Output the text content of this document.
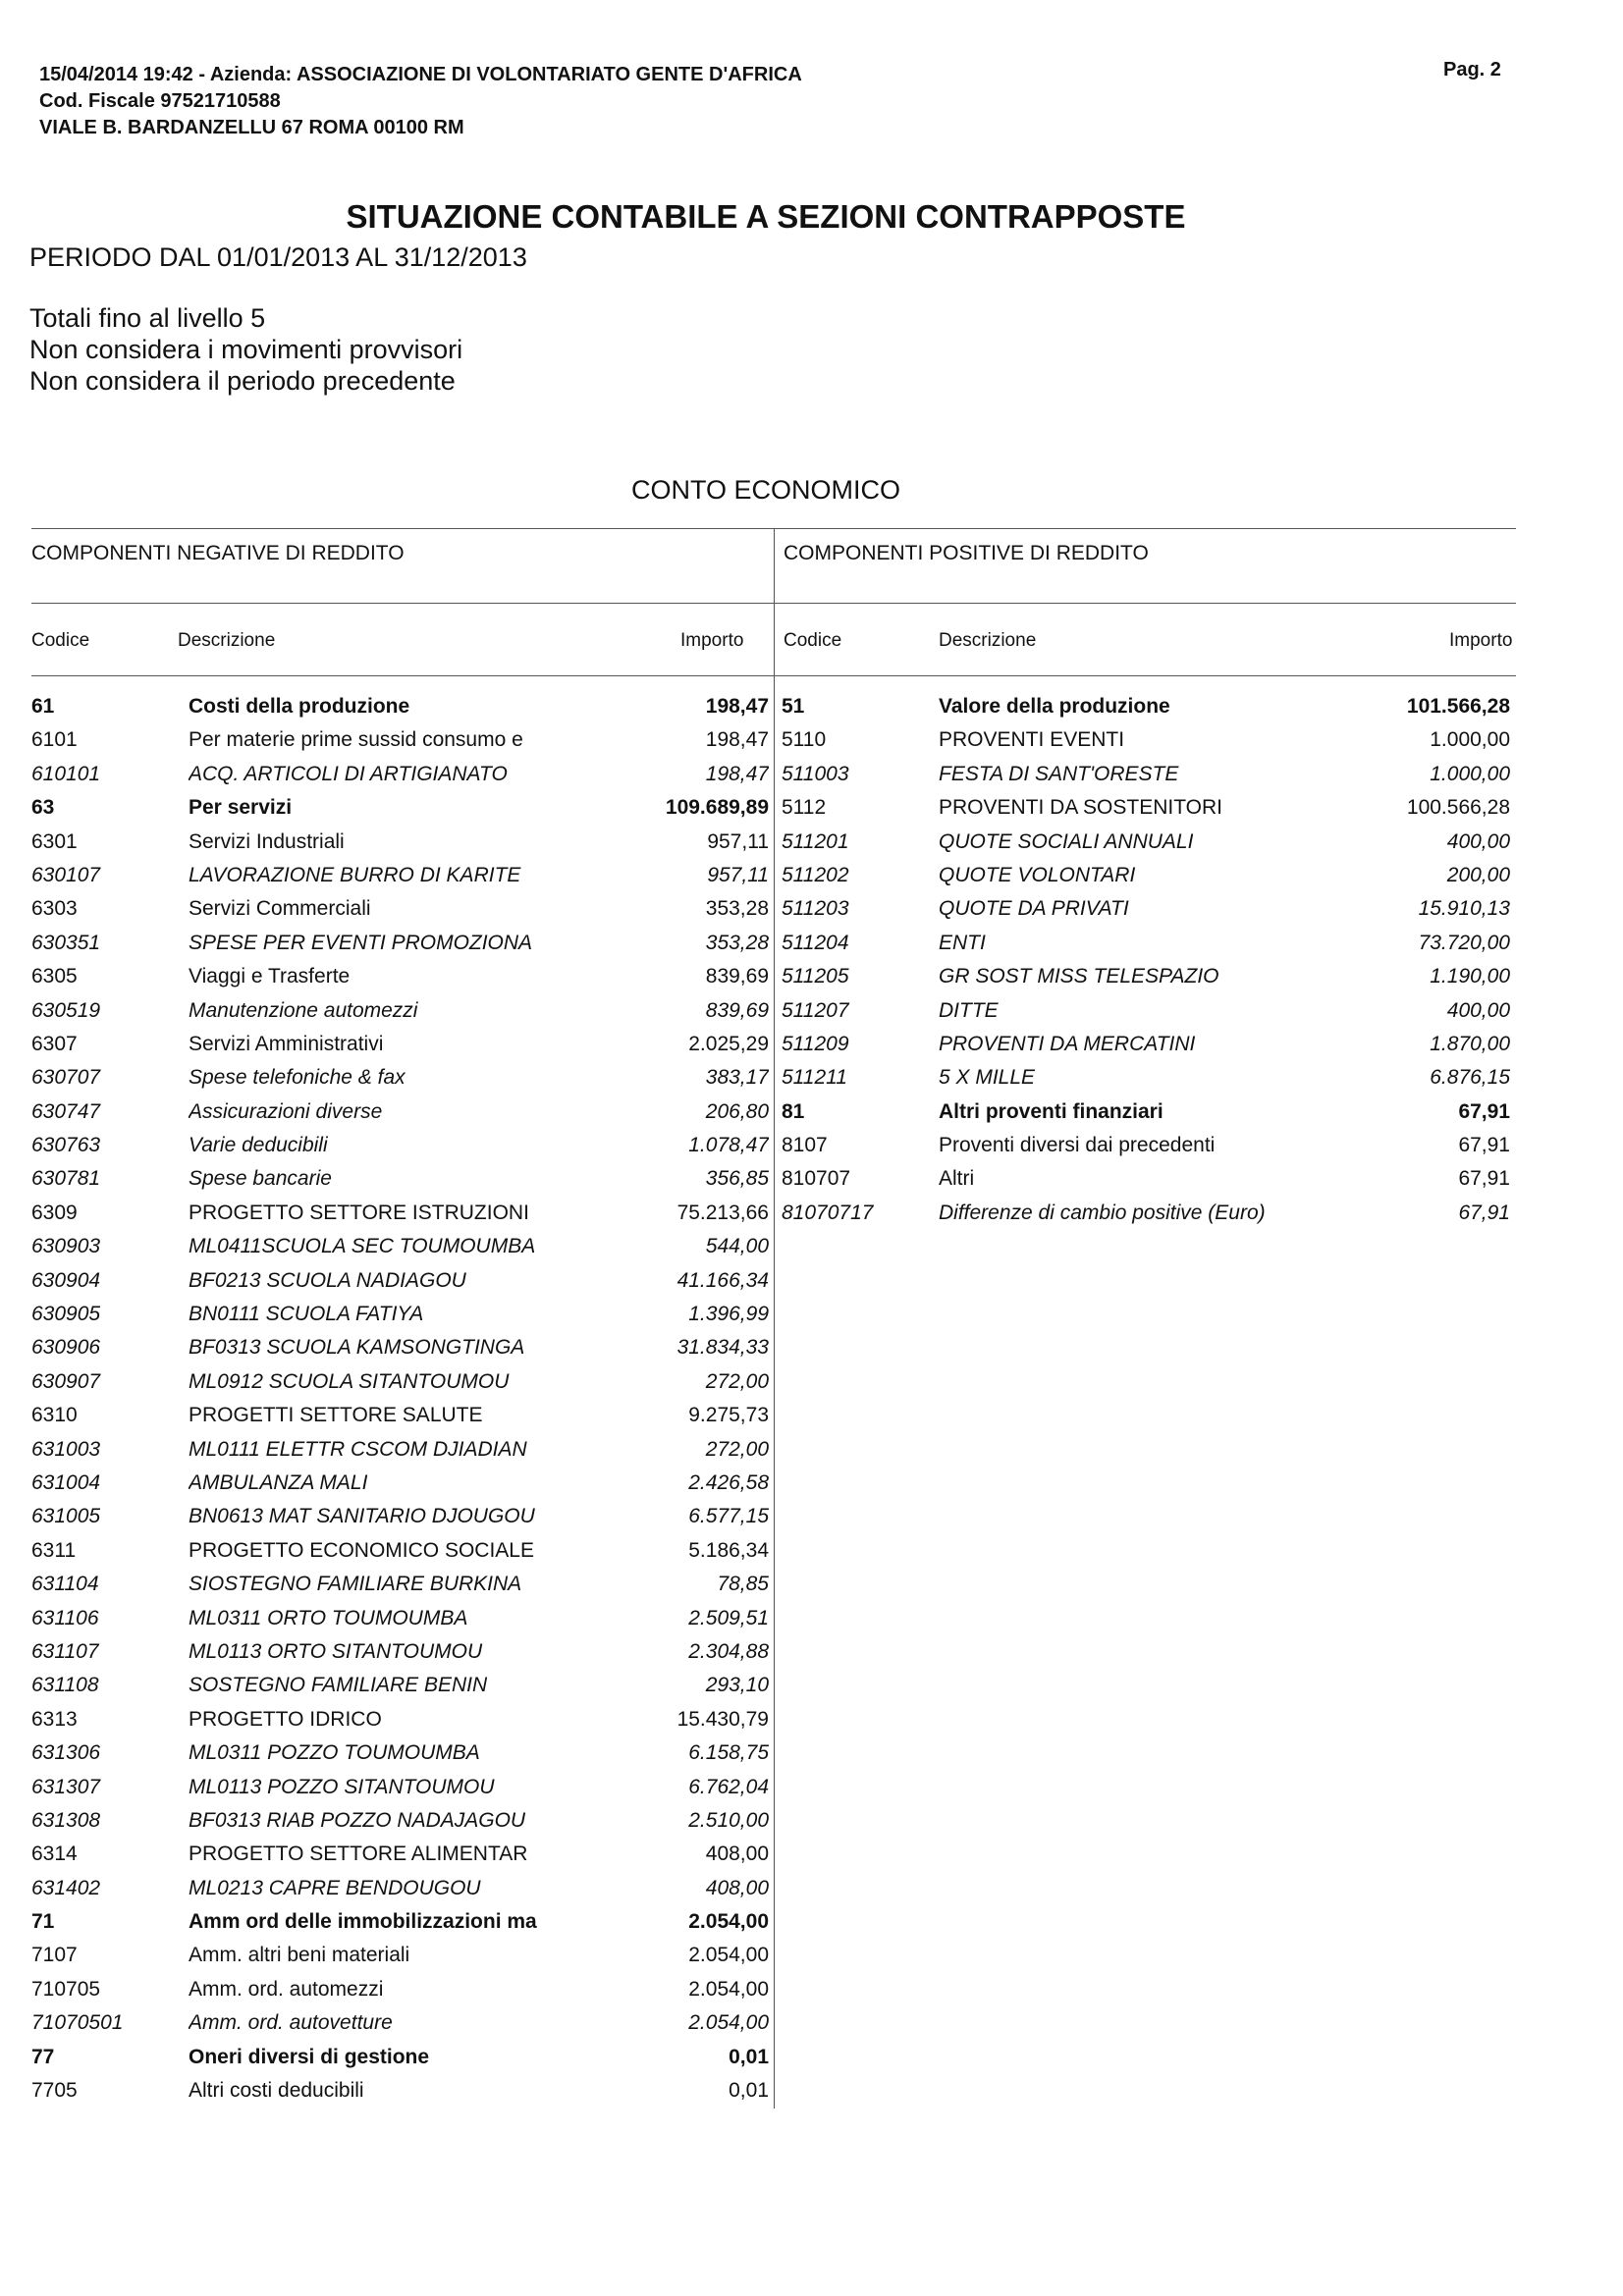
15/04/2014 19:42 - Azienda: ASSOCIAZIONE DI VOLONTARIATO GENTE D'AFRICA
Cod. Fiscale 97521710588
VIALE B. BARDANZELLU 67 ROMA 00100 RM
Pag. 2
SITUAZIONE CONTABILE A SEZIONI CONTRAPPOSTE
PERIODO DAL 01/01/2013 AL 31/12/2013
Totali fino al livello 5
Non considera i movimenti provvisori
Non considera il periodo precedente
CONTO ECONOMICO
COMPONENTI NEGATIVE DI REDDITO	COMPONENTI POSITIVE DI REDDITO
Codice	Descrizione	Importo Codice	Descrizione	Importo
61	Costi della produzione	198,47
6101	Per materie prime sussid consumo e	198,47
610101	ACQ. ARTICOLI DI ARTIGIANATO	198,47
63	Per servizi	109.689,89
6301	Servizi Industriali	957,11
630107	LAVORAZIONE BURRO DI KARITE	957,11
6303	Servizi Commerciali	353,28
630351	SPESE PER EVENTI PROMOZIONA	353,28
6305	Viaggi e Trasferte	839,69
630519	Manutenzione automezzi	839,69
6307	Servizi Amministrativi	2.025,29
630707	Spese telefoniche & fax	383,17
630747	Assicurazioni diverse	206,80
630763	Varie deducibili	1.078,47
630781	Spese bancarie	356,85
6309	PROGETTO SETTORE ISTRUZIONI	75.213,66
630903	ML0411SCUOLA SEC TOUMOUMBA	544,00
630904	BF0213 SCUOLA NADIAGOU	41.166,34
630905	BN0111 SCUOLA FATIYA	1.396,99
630906	BF0313 SCUOLA KAMSONGTINGA	31.834,33
630907	ML0912 SCUOLA SITANTOUMOU	272,00
6310	PROGETTI SETTORE SALUTE	9.275,73
631003	ML0111 ELETTR CSCOM DJIADIAN	272,00
631004	AMBULANZA MALI	2.426,58
631005	BN0613 MAT SANITARIO DJOUGOU	6.577,15
6311	PROGETTO ECONOMICO SOCIALE	5.186,34
631104	SIOSTEGNO FAMILIARE BURKINA	78,85
631106	ML0311 ORTO TOUMOUMBA	2.509,51
631107	ML0113 ORTO SITANTOUMOU	2.304,88
631108	SOSTEGNO FAMILIARE BENIN	293,10
6313	PROGETTO IDRICO	15.430,79
631306	ML0311 POZZO TOUMOUMBA	6.158,75
631307	ML0113 POZZO SITANTOUMOU	6.762,04
631308	BF0313 RIAB POZZO NADAJAGOU	2.510,00
6314	PROGETTO SETTORE ALIMENTAR	408,00
631402	ML0213 CAPRE BENDOUGOU	408,00
71	Amm ord delle immobilizzazioni ma	2.054,00
7107	Amm. altri beni materiali	2.054,00
710705	Amm. ord. automezzi	2.054,00
71070501	Amm. ord. autovetture	2.054,00
77	Oneri diversi di gestione	0,01
7705	Altri costi deducibili	0,01
51	Valore della produzione	101.566,28
5110	PROVENTI EVENTI	1.000,00
511003	FESTA DI SANT'ORESTE	1.000,00
5112	PROVENTI DA SOSTENITORI	100.566,28
511201	QUOTE SOCIALI ANNUALI	400,00
511202	QUOTE VOLONTARI	200,00
511203	QUOTE DA PRIVATI	15.910,13
511204	ENTI	73.720,00
511205	GR SOST MISS TELESPAZIO	1.190,00
511207	DITTE	400,00
511209	PROVENTI DA MERCATINI	1.870,00
511211	5 X MILLE	6.876,15
81	Altri proventi finanziari	67,91
8107	Proventi diversi dai precedenti	67,91
810707	Altri	67,91
81070717	Differenze di cambio positive (Euro)	67,91
